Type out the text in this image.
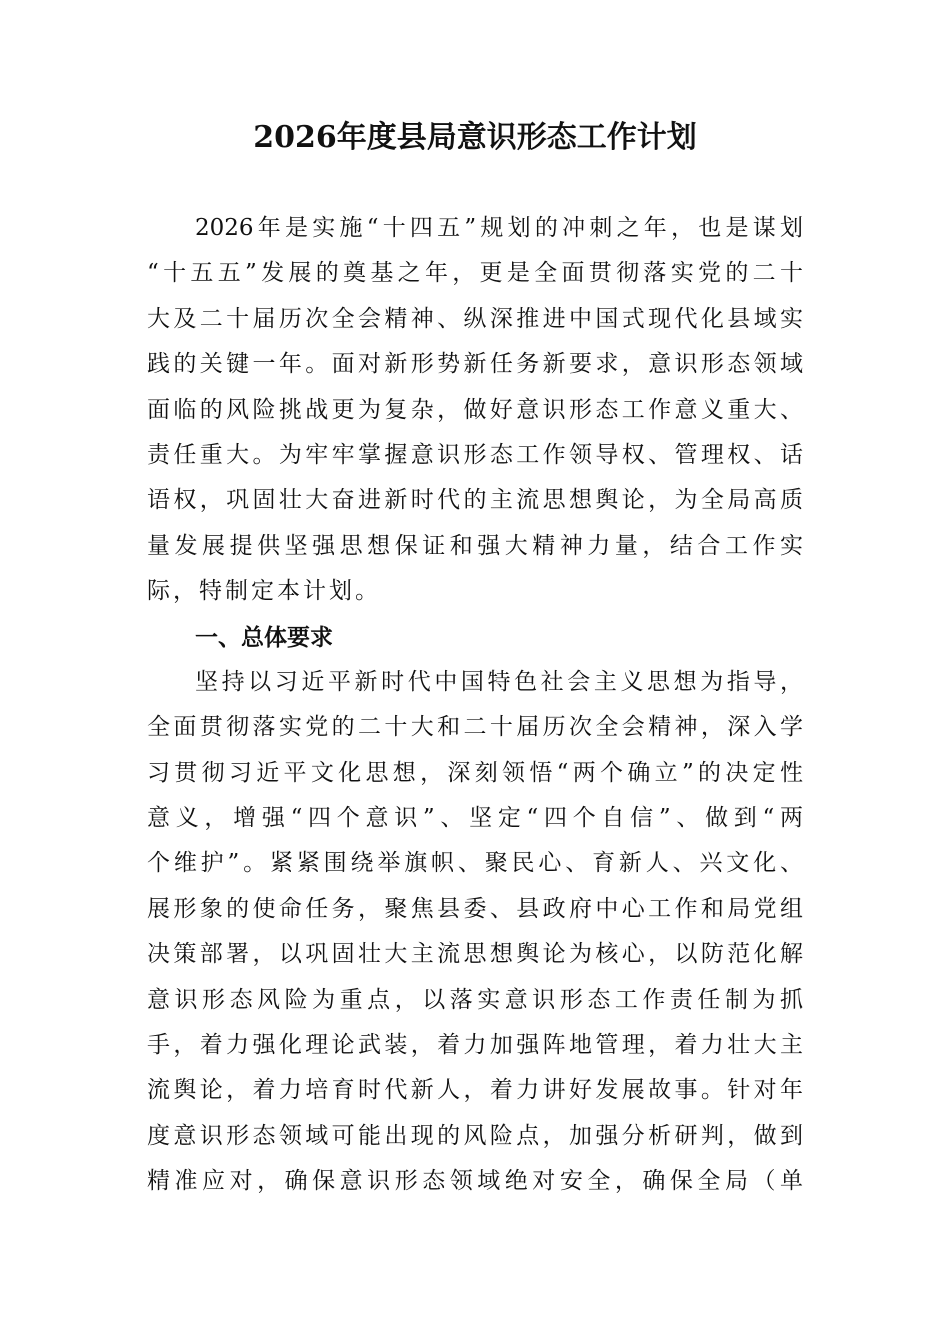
2026年度县局意识形态工作计划
2026年是实施“十四五”规划的冲刺之年，也是谋划
“十五五”发展的奠基之年，更是全面贯彻落实党的二十
大及二十届历次全会精神、纵深推进中国式现代化县域实
践的关键一年。面对新形势新任务新要求，意识形态领域
面临的风险挑战更为复杂，做好意识形态工作意义重大、
责任重大。为牢牢掌握意识形态工作领导权、管理权、话
语权，巩固壮大奋进新时代的主流思想舆论，为全局高质
量发展提供坚强思想保证和强大精神力量，结合工作实
际，特制定本计划。
一、总体要求
坚持以习近平新时代中国特色社会主义思想为指导，
全面贯彻落实党的二十大和二十届历次全会精神，深入学
习贯彻习近平文化思想，深刻领悟“两个确立”的决定性
意义，增强“四个意识”、坚定“四个自信”、做到“两
个维护”。紧紧围绕举旗帜、聚民心、育新人、兴文化、
展形象的使命任务，聚焦县委、县政府中心工作和局党组
决策部署，以巩固壮大主流思想舆论为核心，以防范化解
意识形态风险为重点，以落实意识形态工作责任制为抓
手，着力强化理论武装，着力加强阵地管理，着力壮大主
流舆论，着力培育时代新人，着力讲好发展故事。针对年
度意识形态领域可能出现的风险点，加强分析研判，做到
精准应对，确保意识形态领域绝对安全，确保全局（单
